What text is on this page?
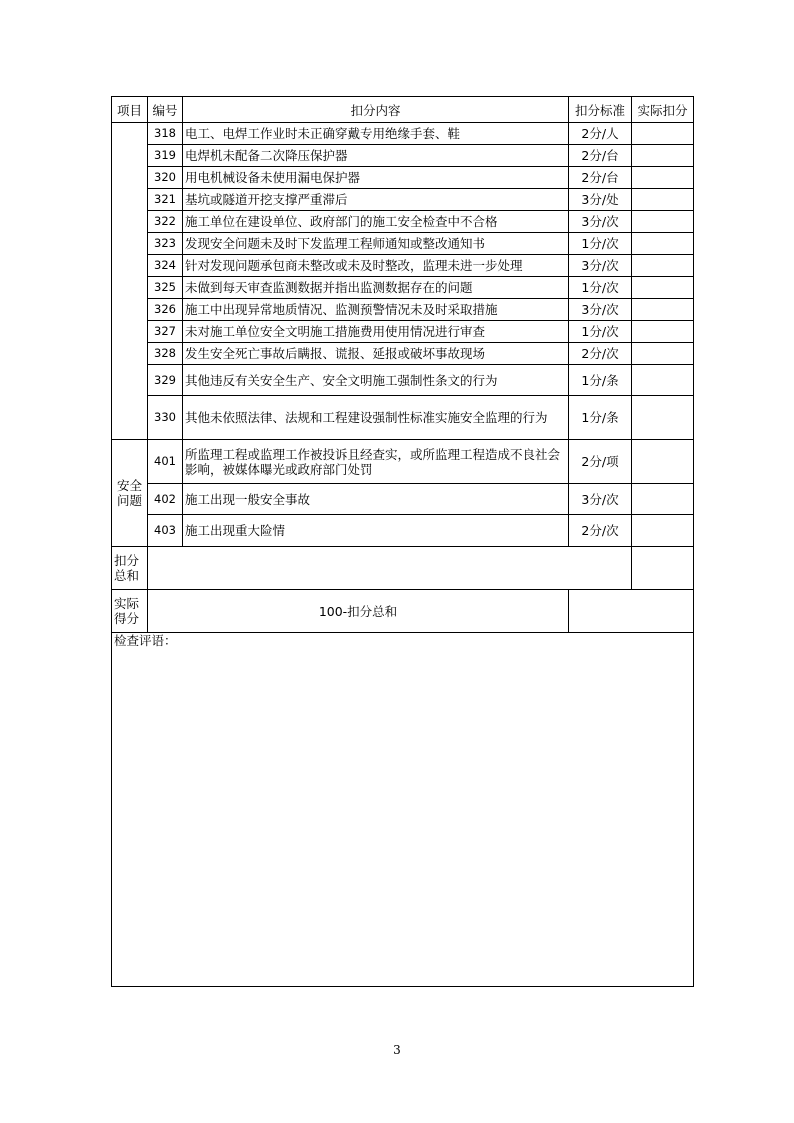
项目	编号	扣分内容	扣分标准	实际扣分
	318	电工、电焊工作业时未正确穿戴专用绝缘手套、鞋	2分/人	
	319	电焊机未配备二次降压保护器	2分/台	
	320	用电机械设备未使用漏电保护器	2分/台	
	321	基坑或隧道开挖支撑严重滞后	3分/处	
	322	施工单位在建设单位、政府部门的施工安全检查中不合格	3分/次	
	323	发现安全问题未及时下发监理工程师通知或整改通知书	1分/次	
	324	针对发现问题承包商未整改或未及时整改，监理未进一步处理	3分/次	
	325	未做到每天审查监测数据并指出监测数据存在的问题	1分/次	
	326	施工中出现异常地质情况、监测预警情况未及时采取措施	3分/次	
	327	未对施工单位安全文明施工措施费用使用情况进行审查	1分/次	
	328	发生安全死亡事故后瞒报、谎报、延报或破坏事故现场	2分/次	
	329	其他违反有关安全生产、安全文明施工强制性条文的行为	1分/条	
	330	其他未依照法律、法规和工程建设强制性标准实施安全监理的行为	1分/条	
安全问题	401	所监理工程或监理工作被投诉且经查实，或所监理工程造成不良社会影响，被媒体曝光或政府部门处罚	2分/项	
	402	施工出现一般安全事故	3分/次	
	403	施工出现重大险情	2分/次	
扣分总和				
实际得分	100-扣分总和			
检查评语：				
3
